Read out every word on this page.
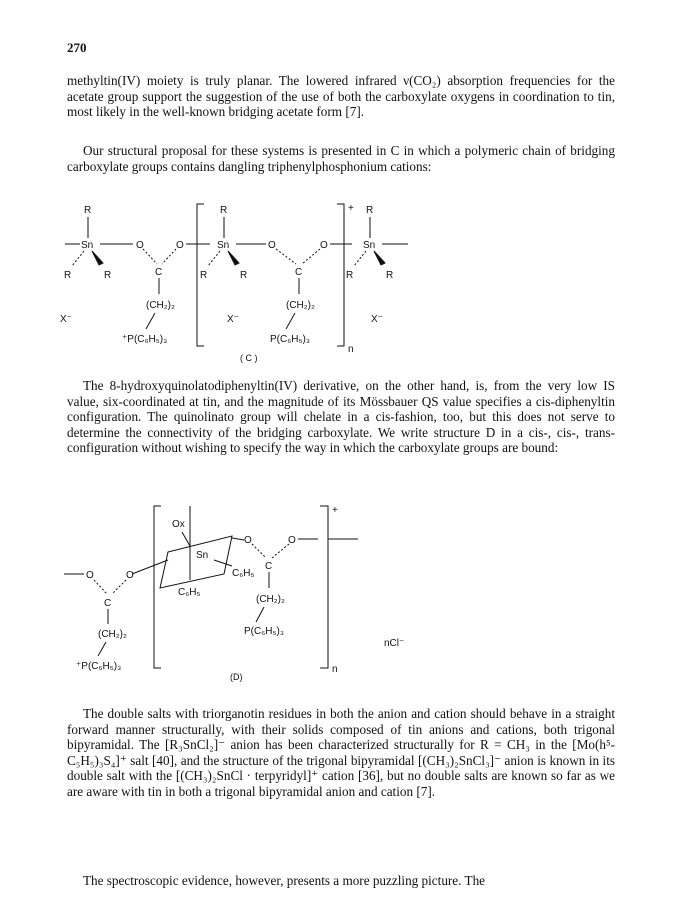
270

methyltin(IV) moiety is truly planar. The lowered infrared ν(CO₂) absorption frequencies for the acetate group support the suggestion of the use of both the carboxylate oxygens in coordination to tin, most likely in the well-known bridging acetate form [7].

Our structural proposal for these systems is presented in C in which a polymeric chain of bridging carboxylate groups contains dangling triphenylphosphonium cations:

R
Sn
R	R
O	O
C
(CH₂)₂
⁺P(C₆H₅)₃
X⁻
R
Sn
R	R
X⁻
O	O
C
(CH₂)₂
P(C₆H₅)₃
+
n
R
Sn
R	R
X⁻
( C )

The 8-hydroxyquinolatodiphenyltin(IV) derivative, on the other hand, is, from the very low IS value, six-coordinated at tin, and the magnitude of its Mössbauer QS value specifies a cis-diphenyltin configuration. The quinolinato group will chelate in a cis-fashion, too, but this does not serve to determine the connectivity of the bridging carboxylate. We write structure D in a cis-, cis-, trans-configuration without wishing to specify the way in which the carboxylate groups are bound:

Ox
Sn
C₆H₅
C₆H₅
O	O
C
(CH₂)₂
⁺P(C₆H₅)₃
O	O
C
(CH₂)₂
P(C₆H₅)₃
+
n
nCl⁻
(D)

The double salts with triorganotin residues in both the anion and cation should behave in a straight forward manner structurally, with their solids composed of tin anions and cations, both trigonal bipyramidal. The [R₃SnCl₂]⁻ anion has been characterized structurally for R = CH₃ in the [Mo(h⁵-C₅H₅)₃S₄]⁺ salt [40], and the structure of the trigonal bipyramidal [(CH₃)₂SnCl₃]⁻ anion is known in its double salt with the [(CH₃)₂SnCl · terpyridyl]⁺ cation [36], but no double salts are known so far as we are aware with tin in both a trigonal bipyramidal anion and cation [7].

The spectroscopic evidence, however, presents a more puzzling picture. The
